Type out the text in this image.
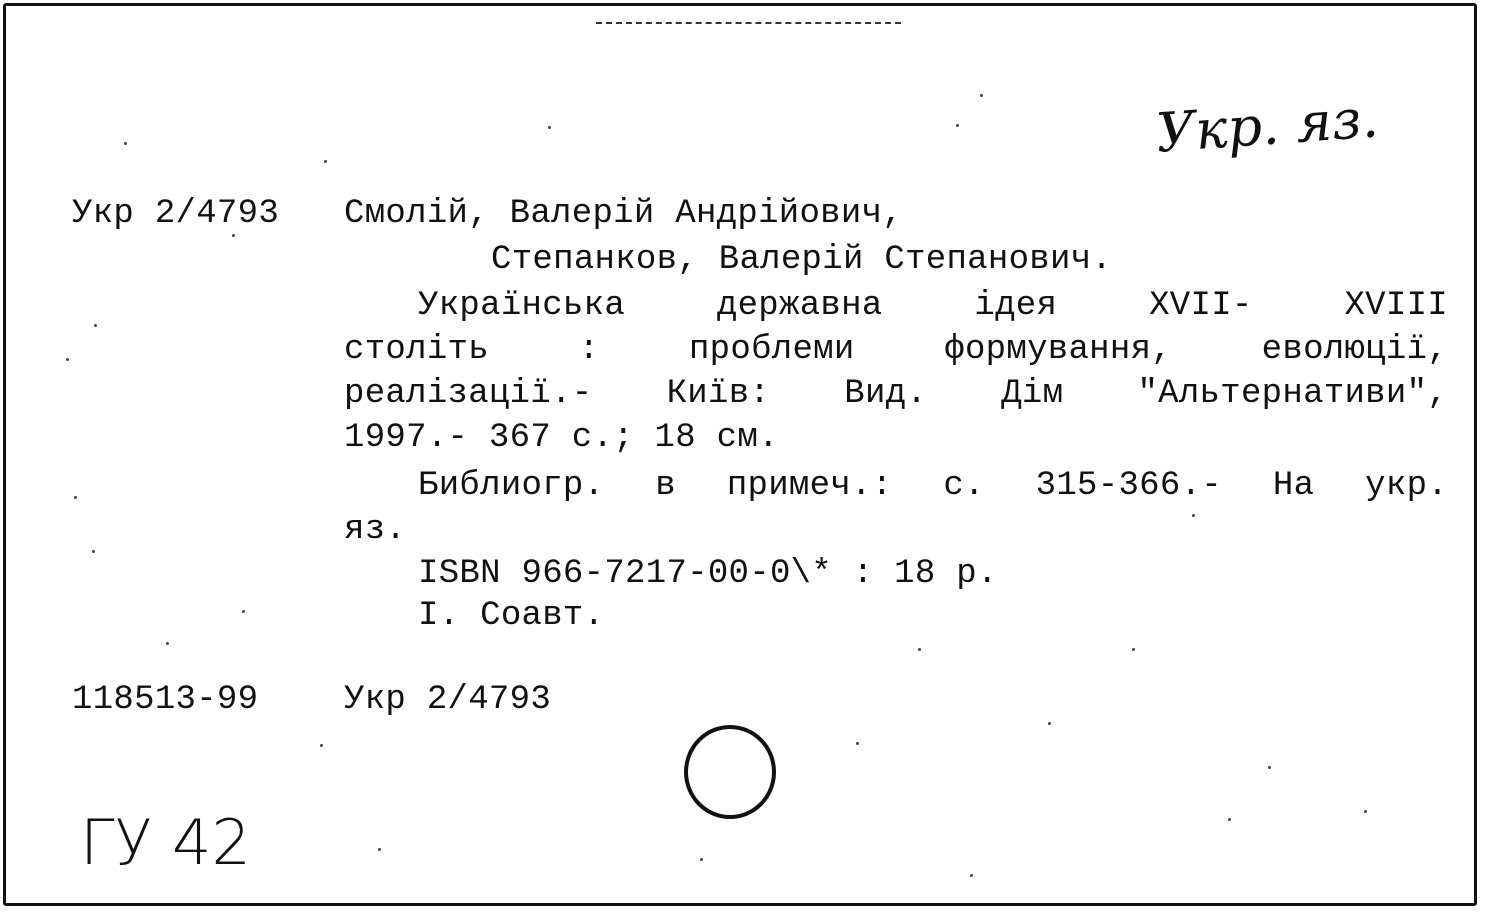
Укр. яз.
Укр 2/4793 Смолій, Валерій Андрійович,
Степанков, Валерій Степанович.
Українська державна ідея XVII- XVIII
століть : проблеми формування, еволюції,
реалізації.- Київ: Вид. Дім "Альтернативи",
1997.- 367 с.; 18 см.
Библиогр. в примеч.: с. 315-366.- На укр.
яз.
ISBN 966-7217-00-0\* : 18 р.
I. Соавт.
118513-99	Укр 2/4793
ГУ 42
